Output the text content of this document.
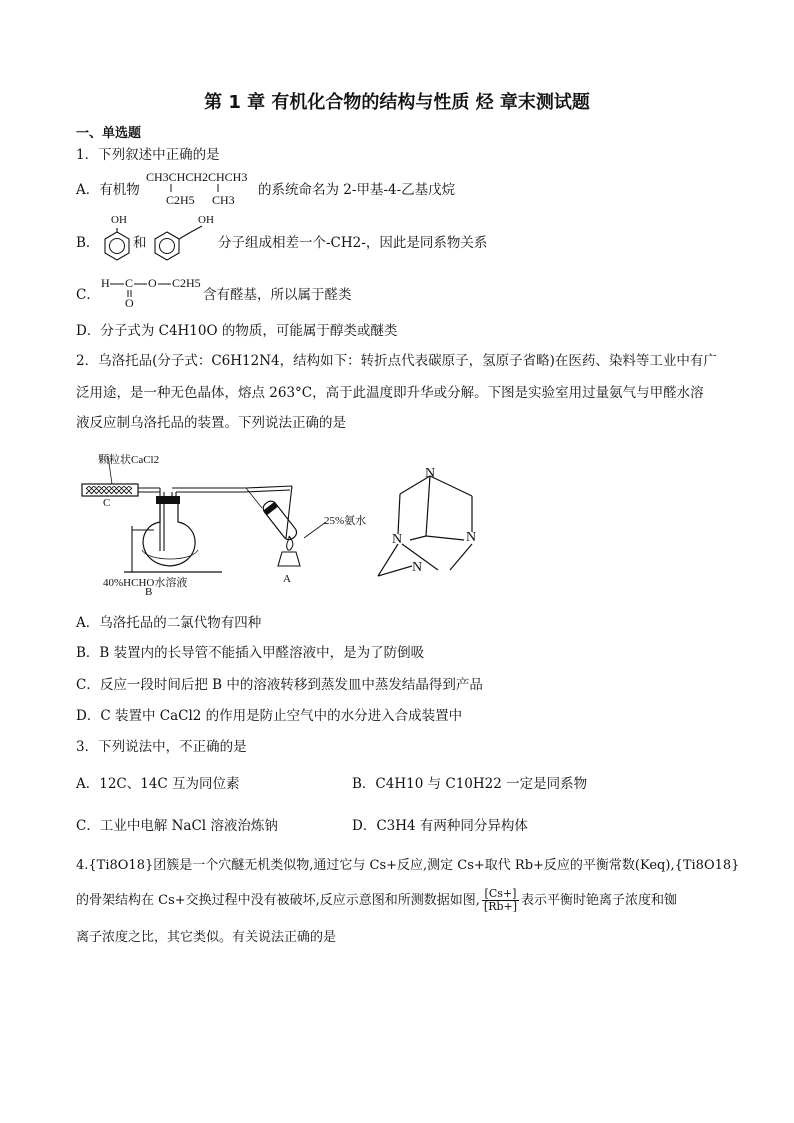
第 1 章 有机化合物的结构与性质 烃 章末测试题
一、单选题
1．下列叙述中正确的是
A．有机物
CH3CHCH2CHCH3
C2H5 CH3
的系统命名为 2-甲基-4-乙基戊烷
B．
OH
和
OH
分子组成相差一个-CH2-，因此是同系物关系
C．
H C O C2H5
O	含有醛基，所以属于醛类
D．分子式为 C4H10O 的物质，可能属于醇类或醚类
2．乌洛托品(分子式：C6H12N4，结构如下：转折点代表碳原子，氢原子省略)在医药、染料等工业中有广
泛用途，是一种无色晶体，熔点 263°C，高于此温度即升华或分解。下图是实验室用过量氨气与甲醛水溶
液反应制乌洛托品的装置。下列说法正确的是
颗粒状CaCl2
C
25%氨水
40%HCHO水溶液
B
A
N
N	N
N
A．乌洛托品的二氯代物有四种
B．B 装置内的长导管不能插入甲醛溶液中，是为了防倒吸
C．反应一段时间后把 B 中的溶液转移到蒸发皿中蒸发结晶得到产品
D．C 装置中 CaCl2 的作用是防止空气中的水分进入合成装置中
3．下列说法中，不正确的是
A．12C、14C 互为同位素	B．C4H10 与 C10H22 一定是同系物
C．工业中电解 NaCl 溶液治炼钠	D．C3H4 有两种同分异构体
4.{Ti8O18}团簇是一个穴醚无机类似物,通过它与 Cs+反应,测定 Cs+取代 Rb+反应的平衡常数(Keq),{Ti8O18}
的骨架结构在 Cs+交换过程中没有被破坏,反应示意图和所测数据如图, $\frac{[Cs+]}{[Rb+]}$ 表示平衡时铯离子浓度和铷
离子浓度之比，其它类似。有关说法正确的是
